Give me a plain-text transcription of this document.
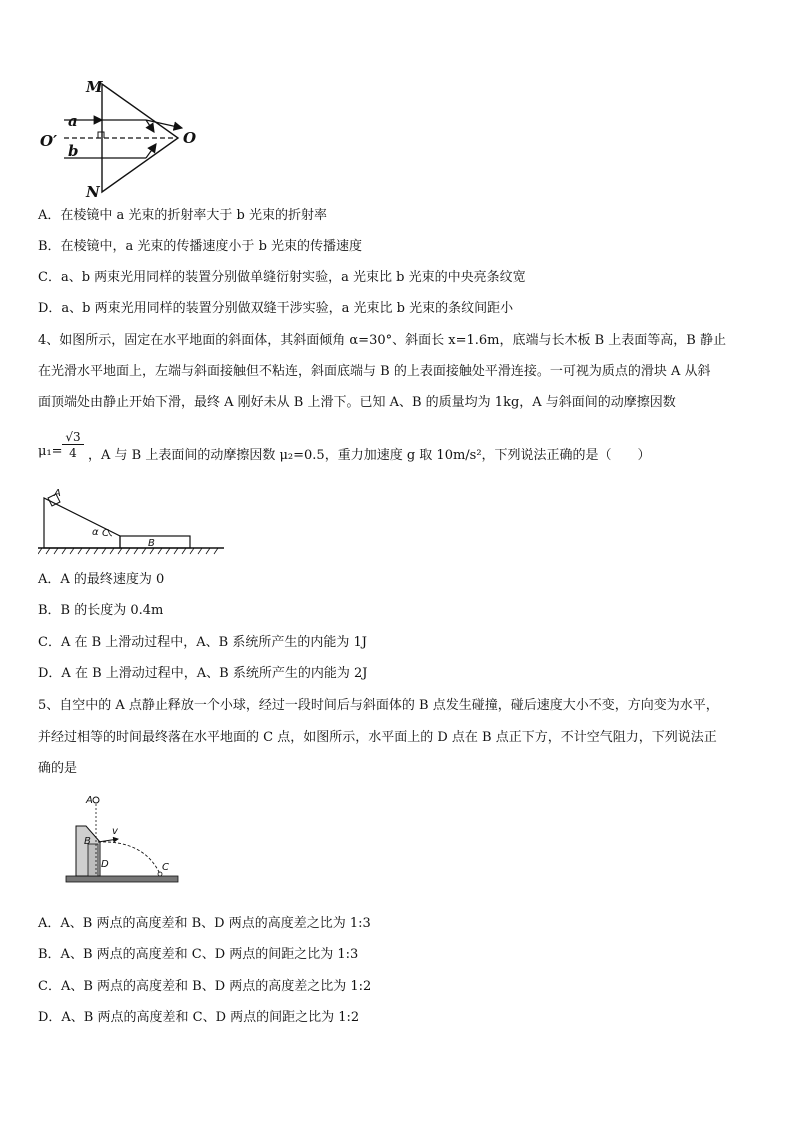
M
N
O′	O
a
b
A．在棱镜中 a 光束的折射率大于 b 光束的折射率
B．在棱镜中，a 光束的传播速度小于 b 光束的传播速度
C．a、b 两束光用同样的装置分别做单缝衍射实验，a 光束比 b 光束的中央亮条纹宽
D．a、b 两束光用同样的装置分别做双缝干涉实验，a 光束比 b 光束的条纹间距小
4、如图所示，固定在水平地面的斜面体，其斜面倾角 α=30°、斜面长 x=1.6m，底端与长木板 B 上表面等高，B 静止
在光滑水平地面上，左端与斜面接触但不粘连，斜面底端与 B 的上表面接触处平滑连接。一可视为质点的滑块 A 从斜
面顶端处由静止开始下滑，最终 A 刚好未从 B 上滑下。已知 A、B 的质量均为 1kg，A 与斜面间的动摩擦因数
$\mu_1= \frac{√3}{4}$ ，A 与 B 上表面间的动摩擦因数 μ₂=0.5，重力加速度 g 取 10m/s²，下列说法正确的是（　　）
A
α C
B
A．A 的最终速度为 0
B．B 的长度为 0.4m
C．A 在 B 上滑动过程中，A、B 系统所产生的内能为 1J
D．A 在 B 上滑动过程中，A、B 系统所产生的内能为 2J
5、自空中的 A 点静止释放一个小球，经过一段时间后与斜面体的 B 点发生碰撞，碰后速度大小不变，方向变为水平，
并经过相等的时间最终落在水平地面的 C 点，如图所示，水平面上的 D 点在 B 点正下方，不计空气阻力，下列说法正
确的是
A
B
v
D	C
A．A、B 两点的高度差和 B、D 两点的高度差之比为 1:3
B．A、B 两点的高度差和 C、D 两点的间距之比为 1:3
C．A、B 两点的高度差和 B、D 两点的高度差之比为 1:2
D．A、B 两点的高度差和 C、D 两点的间距之比为 1:2
